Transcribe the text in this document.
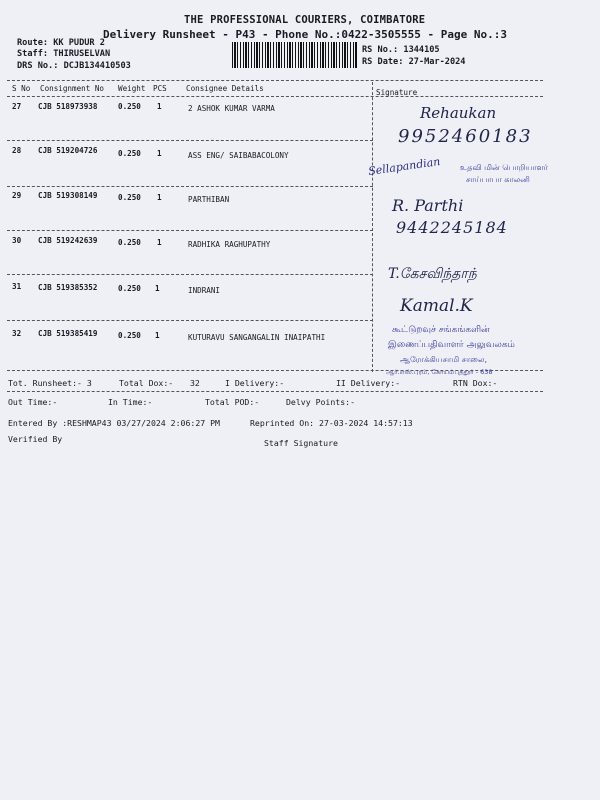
THE PROFESSIONAL COURIERS, COIMBATORE
Delivery Runsheet - P43 - Phone No.:0422-3505555 - Page No.:3
Route: KK PUDUR 2
Staff: THIRUSELVAN
DRS No.: DCJB134410503
RS No.: 1344105
RS Date: 27-Mar-2024
S No Consignment No Weight PCS	Consignee Details	Signature
27 CJB 518973938	0.250 1	2 ASHOK KUMAR VARMA
28 CJB 519204726	0.250 1	ASS ENG/ SAIBABACOLONY
29 CJB 519308149	0.250 1	PARTHIBAN
30 CJB 519242639	0.250 1	RADHIKA RAGHUPATHY
31 CJB 519385352	0.250 1	INDRANI
32 CJB 519385419	0.250 1	KUTURAVU SANGANGALIN INAIPATHI
Rehaukan
9952460183
Sellapandian
R. Parthi
9442245184
T.கேசவிந்தாந்
Kamal.K
உதவி மின் பொறியாளர்
சாய்பாபா காலனி
கூட்டுறவுச் சங்கங்களின்
இணைப்பதிவாளர் அலுவலகம்
ஆரோக்கியசாமி சாலை,
ஆர்.எஸ்.புரம், கோயம்புத்தூர் - 638
Tot. Runsheet:- 3	Total Dox:- 32	I Delivery:-	II Delivery:-	RTN Dox:-
Out Time:-	In Time:-	Total POD:-	Delvy Points:-
Entered By :RESHMAP43 03/27/2024 2:06:27 PM	Reprinted On: 27-03-2024 14:57:13
Verified By	Staff Signature
